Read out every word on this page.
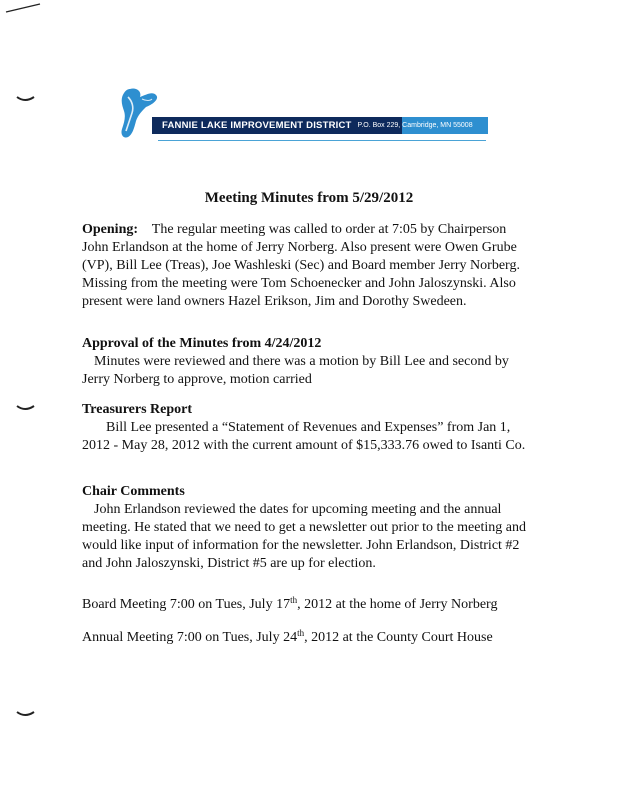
FANNIE LAKE IMPROVEMENT DISTRICT P.O. Box 229, Cambridge, MN 55008
Meeting Minutes from 5/29/2012

Opening: The regular meeting was called to order at 7:05 by Chairperson John Erlandson at the home of Jerry Norberg. Also present were Owen Grube (VP), Bill Lee (Treas), Joe Washleski (Sec) and Board member Jerry Norberg. Missing from the meeting were Tom Schoenecker and John Jaloszynski. Also present were land owners Hazel Erikson, Jim and Dorothy Swedeen.

Approval of the Minutes from 4/24/2012

Minutes were reviewed and there was a motion by Bill Lee and second by Jerry Norberg to approve, motion carried

Treasurers Report

Bill Lee presented a “Statement of Revenues and Expenses” from Jan 1, 2012 - May 28, 2012 with the current amount of $15,333.76 owed to Isanti Co.

Chair Comments

John Erlandson reviewed the dates for upcoming meeting and the annual meeting. He stated that we need to get a newsletter out prior to the meeting and would like input of information for the newsletter. John Erlandson, District #2 and John Jaloszynski, District #5 are up for election.

Board Meeting 7:00 on Tues, July 17th, 2012 at the home of Jerry Norberg
Annual Meeting 7:00 on Tues, July 24th, 2012 at the County Court House
